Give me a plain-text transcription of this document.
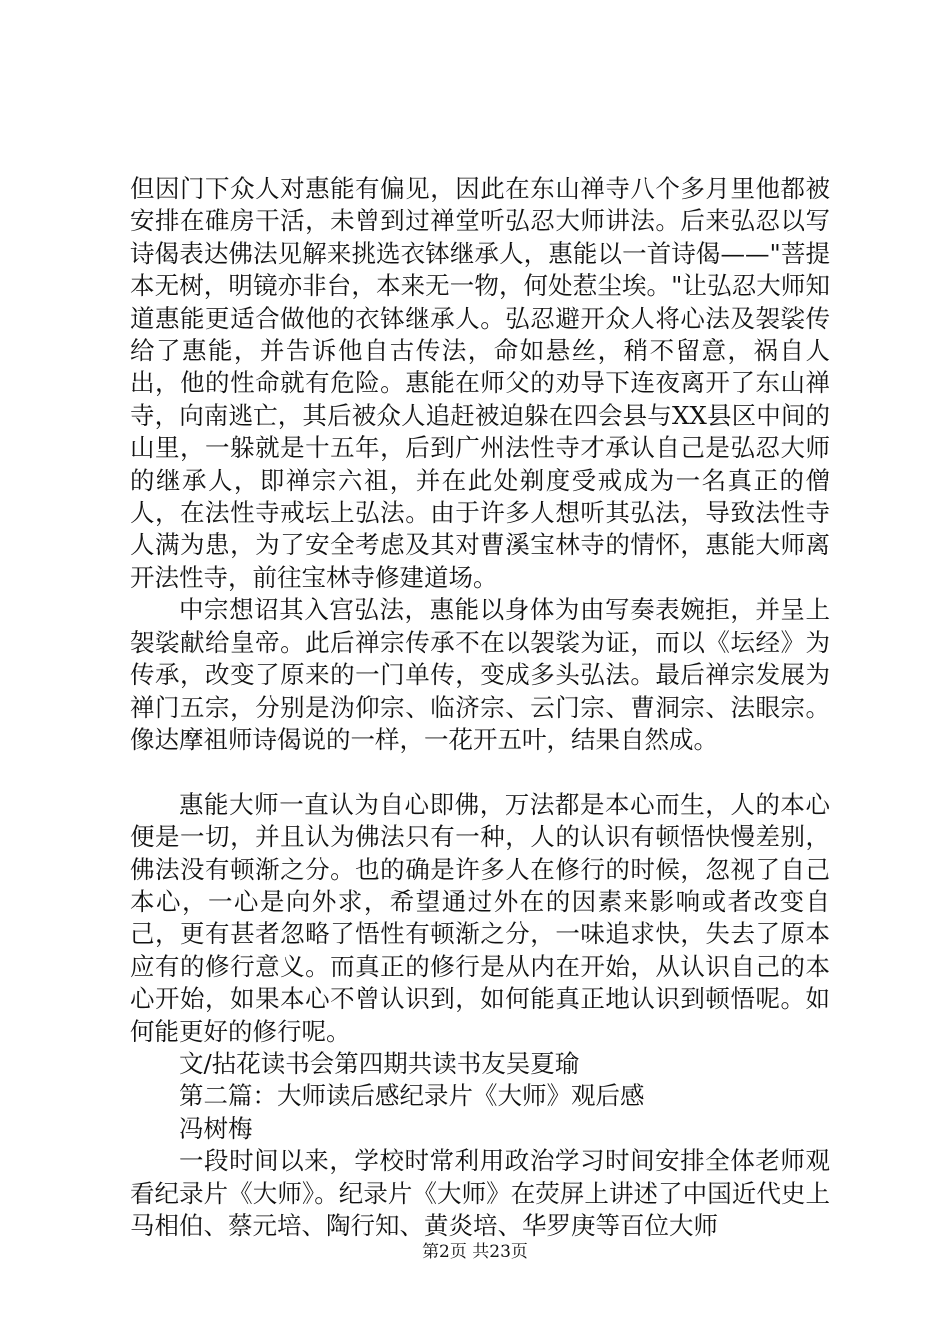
但因门下众人对惠能有偏见，因此在东山禅寺八个多月里他都被安排在碓房干活，未曾到过禅堂听弘忍大师讲法。后来弘忍以写诗偈表达佛法见解来挑选衣钵继承人，惠能以一首诗偈——"菩提本无树，明镜亦非台，本来无一物，何处惹尘埃。"让弘忍大师知道惠能更适合做他的衣钵继承人。弘忍避开众人将心法及袈裟传给了惠能，并告诉他自古传法，命如悬丝，稍不留意，祸自人出，他的性命就有危险。惠能在师父的劝导下连夜离开了东山禅寺，向南逃亡，其后被众人追赶被迫躲在四会县与XX县区中间的山里，一躲就是十五年，后到广州法性寺才承认自己是弘忍大师的继承人，即禅宗六祖，并在此处剃度受戒成为一名真正的僧人，在法性寺戒坛上弘法。由于许多人想听其弘法，导致法性寺人满为患，为了安全考虑及其对曹溪宝林寺的情怀，惠能大师离开法性寺，前往宝林寺修建道场。

中宗想诏其入宫弘法，惠能以身体为由写奏表婉拒，并呈上袈裟献给皇帝。此后禅宗传承不在以袈裟为证，而以《坛经》为传承，改变了原来的一门单传，变成多头弘法。最后禅宗发展为禅门五宗，分别是沩仰宗、临济宗、云门宗、曹洞宗、法眼宗。像达摩祖师诗偈说的一样，一花开五叶，结果自然成。

惠能大师一直认为自心即佛，万法都是本心而生，人的本心便是一切，并且认为佛法只有一种，人的认识有顿悟快慢差别，佛法没有顿渐之分。也的确是许多人在修行的时候，忽视了自己本心，一心是向外求，希望通过外在的因素来影响或者改变自己，更有甚者忽略了悟性有顿渐之分，一味追求快，失去了原本应有的修行意义。而真正的修行是从内在开始，从认识自己的本心开始，如果本心不曾认识到，如何能真正地认识到顿悟呢。如何能更好的修行呢。

文/拈花读书会第四期共读书友吴夏瑜

第二篇：大师读后感纪录片《大师》观后感

冯树梅

一段时间以来，学校时常利用政治学习时间安排全体老师观看纪录片《大师》。纪录片《大师》在荧屏上讲述了中国近代史上马相伯、蔡元培、陶行知、黄炎培、华罗庚等百位大师

第2页 共23页
